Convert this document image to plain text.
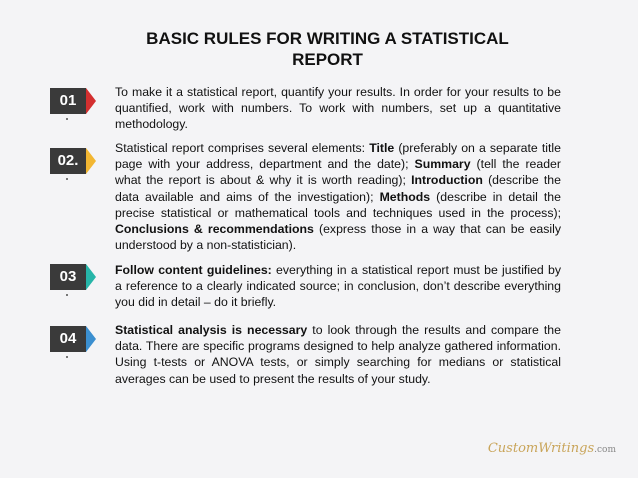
BASIC RULES FOR WRITING A STATISTICAL
REPORT
01	To make it a statistical report, quantify your results. In order for your results to be quantified, work with numbers. To work with numbers, set up a quantitative methodology.
02.
Statistical report comprises several elements: Title (preferably on a separate title page with your address, department and the date); Summary (tell the reader what the report is about & why it is worth reading); Introduction (describe the data available and aims of the investigation); Methods (describe in detail the precise statistical or mathematical tools and techniques used in the process); Conclusions & recommendations (express those in a way that can be easily understood by a non-statistician).
03	Follow content guidelines: everything in a statistical report must be justified by a reference to a clearly indicated source; in conclusion, don’t describe everything you did in detail – do it briefly.
04	Statistical analysis is necessary to look through the results and compare the data. There are specific programs designed to help analyze gathered information. Using t-tests or ANOVA tests, or simply searching for medians or statistical averages can be used to present the results of your study.
CustomWritings.com
